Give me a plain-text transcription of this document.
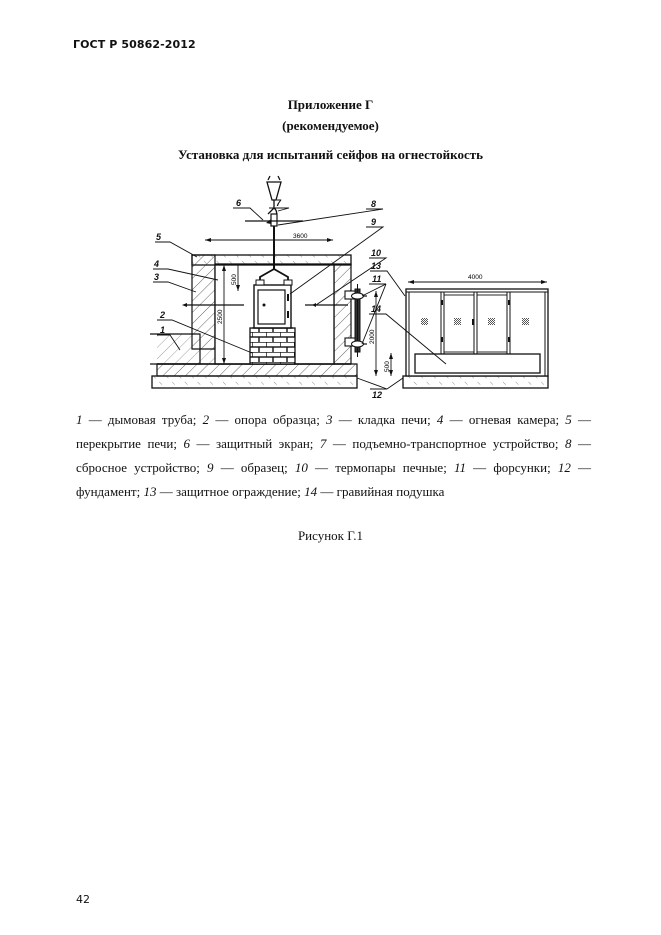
ГОСТ Р 50862-2012
Приложение Г
(рекомендуемое)
Установка для испытаний сейфов на огнестойкость
3600
2500
500
2000
500
4000
6	7	8
9
5
4
3
2
1
10
13
11
14
12
1 — дымовая труба; 2 — опора образца; 3 — кладка печи; 4 — огневая камера; 5 — перекрытие печи; 6 — защитный экран; 7 — подъемно-транспортное устройство; 8 — сбросное устройство; 9 — образец; 10 — термопары печные; 11 — форсунки; 12 — фундамент; 13 — защитное ограждение; 14 — гравийная подушка
Рисунок Г.1
42
